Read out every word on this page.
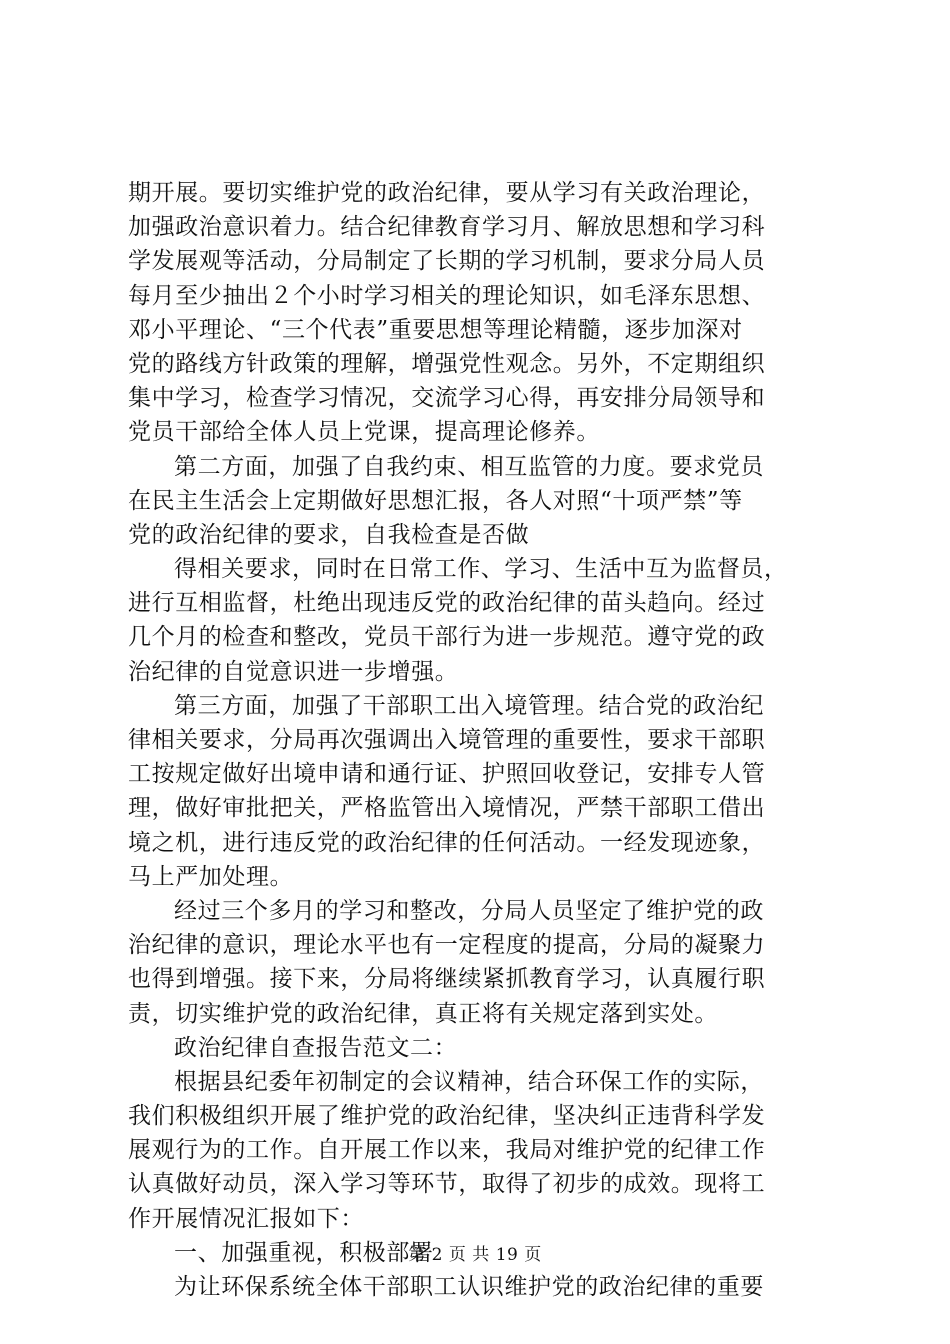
期开展。要切实维护党的政治纪律，要从学习有关政治理论，
加强政治意识着力。结合纪律教育学习月、解放思想和学习科
学发展观等活动，分局制定了长期的学习机制，要求分局人员
每月至少抽出２个小时学习相关的理论知识，如毛泽东思想、
邓小平理论、“三个代表”重要思想等理论精髓，逐步加深对
党的路线方针政策的理解，增强党性观念。另外，不定期组织
集中学习，检查学习情况，交流学习心得，再安排分局领导和
党员干部给全体人员上党课，提高理论修养。
第二方面，加强了自我约束、相互监管的力度。要求党员
在民主生活会上定期做好思想汇报，各人对照“十项严禁”等
党的政治纪律的要求，自我检查是否做
得相关要求，同时在日常工作、学习、生活中互为监督员，
进行互相监督，杜绝出现违反党的政治纪律的苗头趋向。经过
几个月的检查和整改，党员干部行为进一步规范。遵守党的政
治纪律的自觉意识进一步增强。
第三方面，加强了干部职工出入境管理。结合党的政治纪
律相关要求，分局再次强调出入境管理的重要性，要求干部职
工按规定做好出境申请和通行证、护照回收登记，安排专人管
理，做好审批把关，严格监管出入境情况，严禁干部职工借出
境之机，进行违反党的政治纪律的任何活动。一经发现迹象，
马上严加处理。
经过三个多月的学习和整改，分局人员坚定了维护党的政
治纪律的意识，理论水平也有一定程度的提高，分局的凝聚力
也得到增强。接下来，分局将继续紧抓教育学习，认真履行职
责，切实维护党的政治纪律，真正将有关规定落到实处。
政治纪律自查报告范文二：
根据县纪委年初制定的会议精神，结合环保工作的实际，
我们积极组织开展了维护党的政治纪律，坚决纠正违背科学发
展观行为的工作。自开展工作以来，我局对维护党的纪律工作
认真做好动员，深入学习等环节，取得了初步的成效。现将工
作开展情况汇报如下：
一、加强重视，积极部署
为让环保系统全体干部职工认识维护党的政治纪律的重要
第 2 页 共 19 页
